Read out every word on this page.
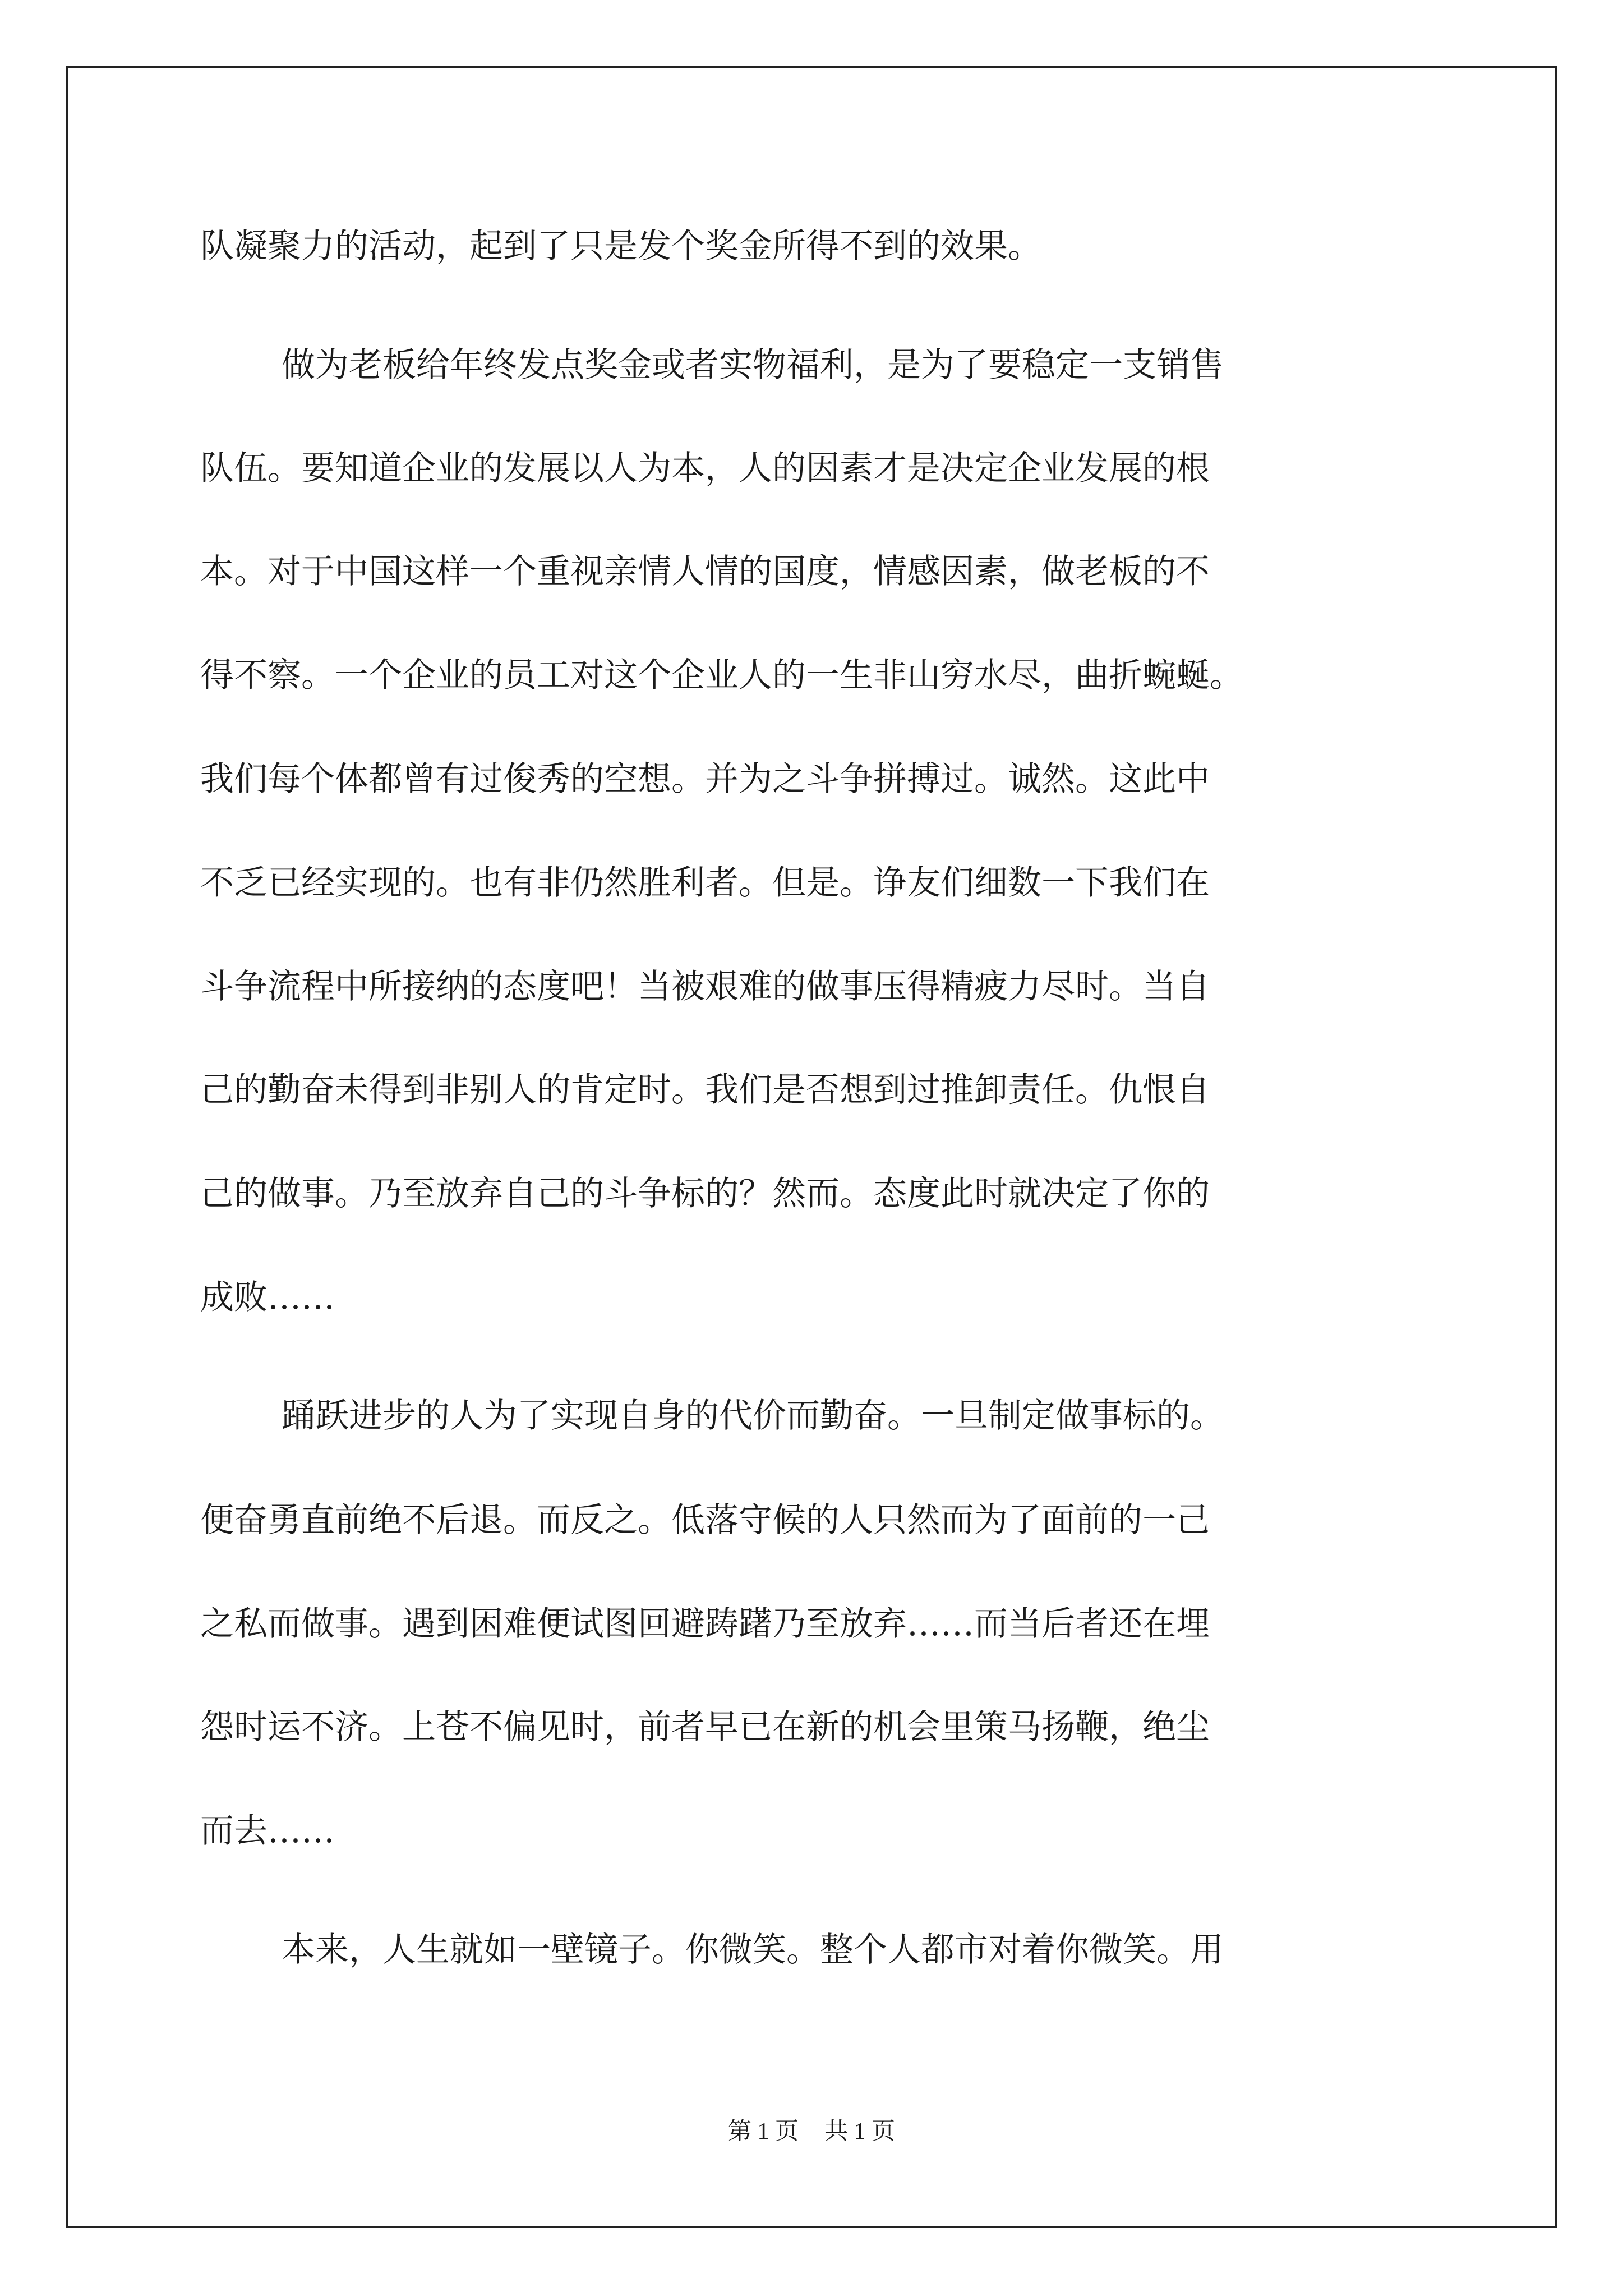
队凝聚力的活动，起到了只是发个奖金所得不到的效果。
做为老板给年终发点奖金或者实物福利，是为了要稳定一支销售
队伍。要知道企业的发展以人为本，人的因素才是决定企业发展的根
本。对于中国这样一个重视亲情人情的国度，情感因素，做老板的不
得不察。一个企业的员工对这个企业人的一生非山穷水尽，曲折蜿蜒。
我们每个体都曾有过俊秀的空想。并为之斗争拼搏过。诚然。这此中
不乏已经实现的。也有非仍然胜利者。但是。诤友们细数一下我们在
斗争流程中所接纳的态度吧！当被艰难的做事压得精疲力尽时。当自
己的勤奋未得到非别人的肯定时。我们是否想到过推卸责任。仇恨自
己的做事。乃至放弃自己的斗争标的？然而。态度此时就决定了你的
成败……
踊跃进步的人为了实现自身的代价而勤奋。一旦制定做事标的。
便奋勇直前绝不后退。而反之。低落守候的人只然而为了面前的一己
之私而做事。遇到困难便试图回避踌躇乃至放弃……而当后者还在埋
怨时运不济。上苍不偏见时，前者早已在新的机会里策马扬鞭，绝尘
而去……
本来，人生就如一壁镜子。你微笑。整个人都市对着你微笑。用
第 1 页 共 1 页
